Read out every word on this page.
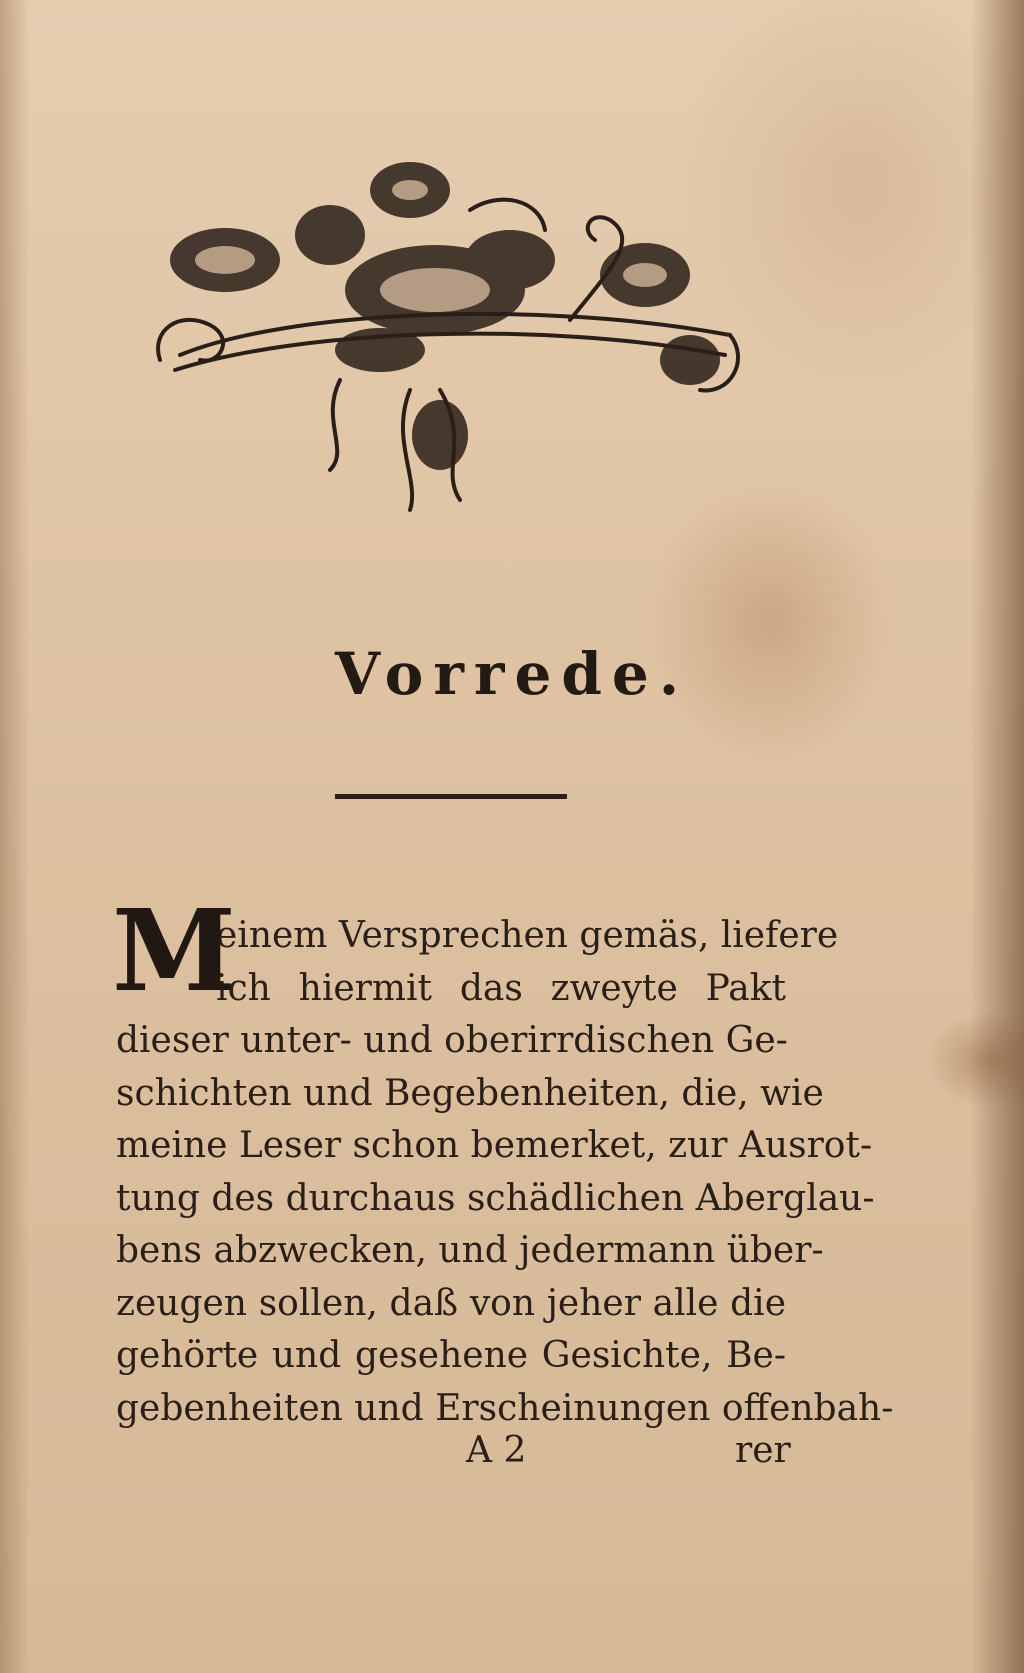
Vorrede.
M
einem Versprechen gemäs, liefere
ich hiermit das zweyte Pakt
dieser unter- und oberirrdischen Ge-
schichten und Begebenheiten, die, wie
meine Leser schon bemerket, zur Ausrot-
tung des durchaus schädlichen Aberglau-
bens abzwecken, und jedermann über-
zeugen sollen, daß von jeher alle die
gehörte und gesehene Gesichte, Be-
gebenheiten und Erscheinungen offenbah-
A 2	rer
